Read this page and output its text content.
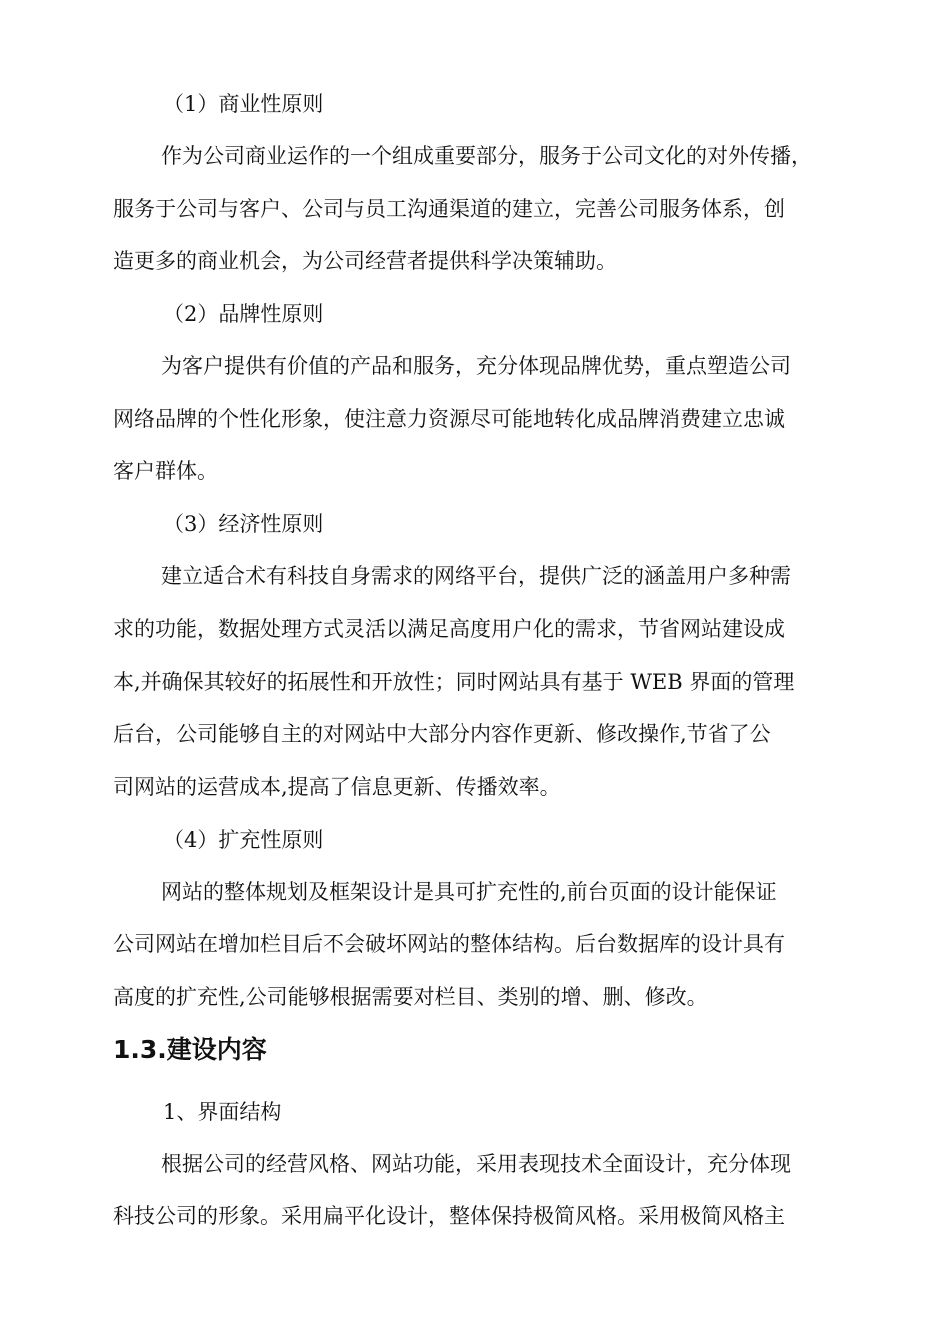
（1）商业性原则
作为公司商业运作的一个组成重要部分，服务于公司文化的对外传播，
服务于公司与客户、公司与员工沟通渠道的建立，完善公司服务体系，创
造更多的商业机会，为公司经营者提供科学决策辅助。
（2）品牌性原则
为客户提供有价值的产品和服务，充分体现品牌优势，重点塑造公司
网络品牌的个性化形象，使注意力资源尽可能地转化成品牌消费建立忠诚
客户群体。
（3）经济性原则
建立适合术有科技自身需求的网络平台，提供广泛的涵盖用户多种需
求的功能，数据处理方式灵活以满足高度用户化的需求，节省网站建设成
本,并确保其较好的拓展性和开放性；同时网站具有基于 WEB 界面的管理
后台，公司能够自主的对网站中大部分内容作更新、修改操作,节省了公
司网站的运营成本,提高了信息更新、传播效率。
（4）扩充性原则
网站的整体规划及框架设计是具可扩充性的,前台页面的设计能保证
公司网站在增加栏目后不会破坏网站的整体结构。后台数据库的设计具有
高度的扩充性,公司能够根据需要对栏目、类别的增、删、修改。
1.3.建设内容
1、界面结构
根据公司的经营风格、网站功能，采用表现技术全面设计，充分体现
科技公司的形象。采用扁平化设计，整体保持极简风格。采用极简风格主
